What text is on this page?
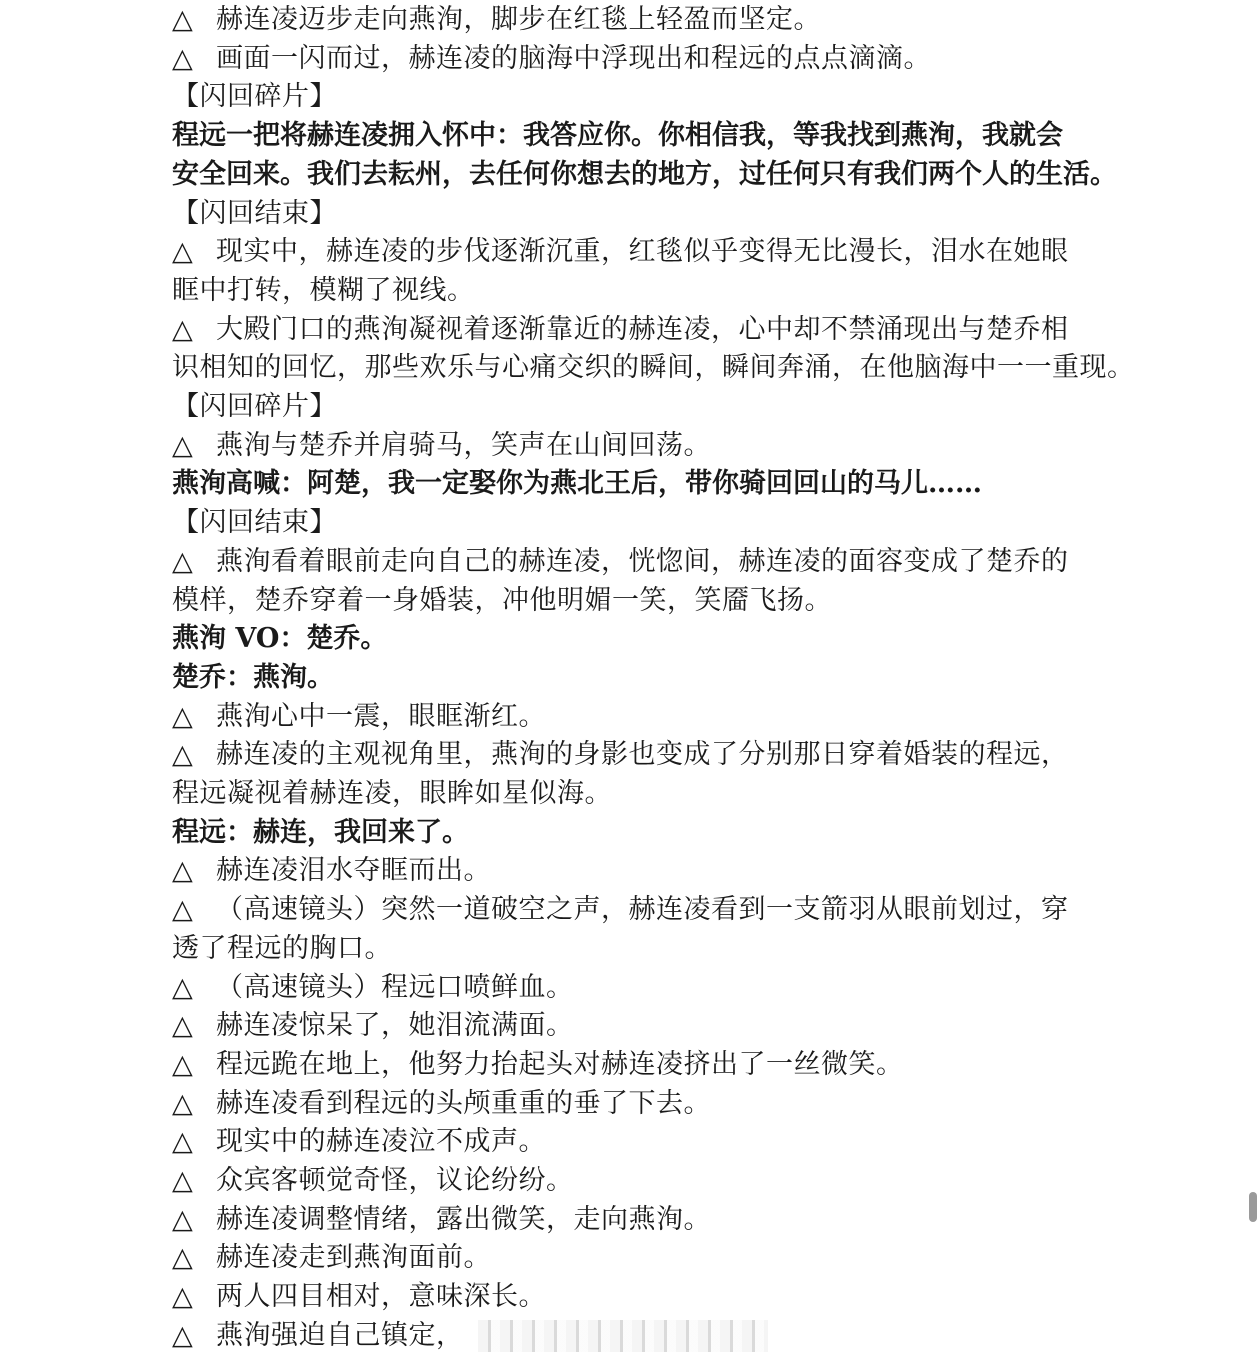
△ 赫连凌迈步走向燕洵，脚步在红毯上轻盈而坚定。
△ 画面一闪而过，赫连凌的脑海中浮现出和程远的点点滴滴。
【闪回碎片】
程远一把将赫连凌拥入怀中：我答应你。你相信我，等我找到燕洵，我就会
安全回来。我们去耘州，去任何你想去的地方，过任何只有我们两个人的生活。
【闪回结束】
△ 现实中，赫连凌的步伐逐渐沉重，红毯似乎变得无比漫长，泪水在她眼
眶中打转，模糊了视线。
△ 大殿门口的燕洵凝视着逐渐靠近的赫连凌，心中却不禁涌现出与楚乔相
识相知的回忆，那些欢乐与心痛交织的瞬间，瞬间奔涌，在他脑海中一一重现。
【闪回碎片】
△ 燕洵与楚乔并肩骑马，笑声在山间回荡。
燕洵高喊：阿楚，我一定娶你为燕北王后，带你骑回回山的马儿……
【闪回结束】
△ 燕洵看着眼前走向自己的赫连凌，恍惚间，赫连凌的面容变成了楚乔的
模样，楚乔穿着一身婚装，冲他明媚一笑，笑靥飞扬。
燕洵 VO：楚乔。
楚乔：燕洵。
△ 燕洵心中一震，眼眶渐红。
△ 赫连凌的主观视角里，燕洵的身影也变成了分别那日穿着婚装的程远，
程远凝视着赫连凌，眼眸如星似海。
程远：赫连，我回来了。
△ 赫连凌泪水夺眶而出。
△ （高速镜头）突然一道破空之声，赫连凌看到一支箭羽从眼前划过，穿
透了程远的胸口。
△ （高速镜头）程远口喷鲜血。
△ 赫连凌惊呆了，她泪流满面。
△ 程远跪在地上，他努力抬起头对赫连凌挤出了一丝微笑。
△ 赫连凌看到程远的头颅重重的垂了下去。
△ 现实中的赫连凌泣不成声。
△ 众宾客顿觉奇怪，议论纷纷。
△ 赫连凌调整情绪，露出微笑，走向燕洵。
△ 赫连凌走到燕洵面前。
△ 两人四目相对，意味深长。
△ 燕洵强迫自己镇定，
